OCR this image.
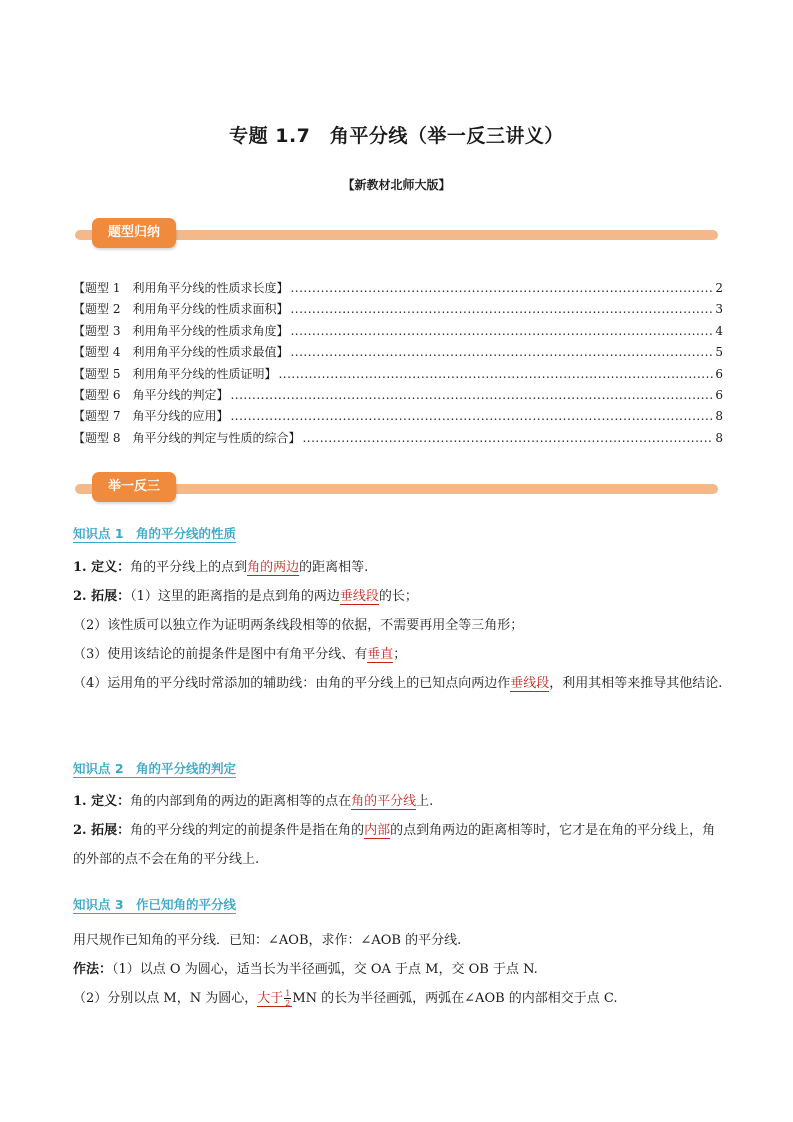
专题 1.7　角平分线（举一反三讲义）
【新教材北师大版】
题型归纳
【题型 1　利用角平分线的性质求长度】 .....	2
【题型 2　利用角平分线的性质求面积】 .....	3
【题型 3　利用角平分线的性质求角度】 .....	4
【题型 4　利用角平分线的性质求最值】 .....	5
【题型 5　利用角平分线的性质证明】 .....	6
【题型 6　角平分线的判定】 .....	6
【题型 7　角平分线的应用】 .....	8
【题型 8　角平分线的判定与性质的综合】 .....	8
举一反三
知识点 1　角的平分线的性质
1. 定义：角的平分线上的点到角的两边的距离相等.
2. 拓展：（1）这里的距离指的是点到角的两边垂线段的长；
（2）该性质可以独立作为证明两条线段相等的依据，不需要再用全等三角形；
（3）使用该结论的前提条件是图中有角平分线、有垂直；
（4）运用角的平分线时常添加的辅助线：由角的平分线上的已知点向两边作垂线段，利用其相等来推导其他结论.
知识点 2　角的平分线的判定
1. 定义：角的内部到角的两边的距离相等的点在角的平分线上.
2. 拓展：角的平分线的判定的前提条件是指在角的内部的点到角两边的距离相等时，它才是在角的平分线上，角的外部的点不会在角的平分线上.
知识点 3　作已知角的平分线
用尺规作已知角的平分线．已知：∠AOB，求作：∠AOB 的平分线.
作法：（1）以点 O 为圆心，适当长为半径画弧，交 OA 于点 M，交 OB 于点 N.
（2）分别以点 M，N 为圆心，大于 $\frac{1}{2}$ MN 的长为半径画弧，两弧在∠AOB 的内部相交于点 C.
